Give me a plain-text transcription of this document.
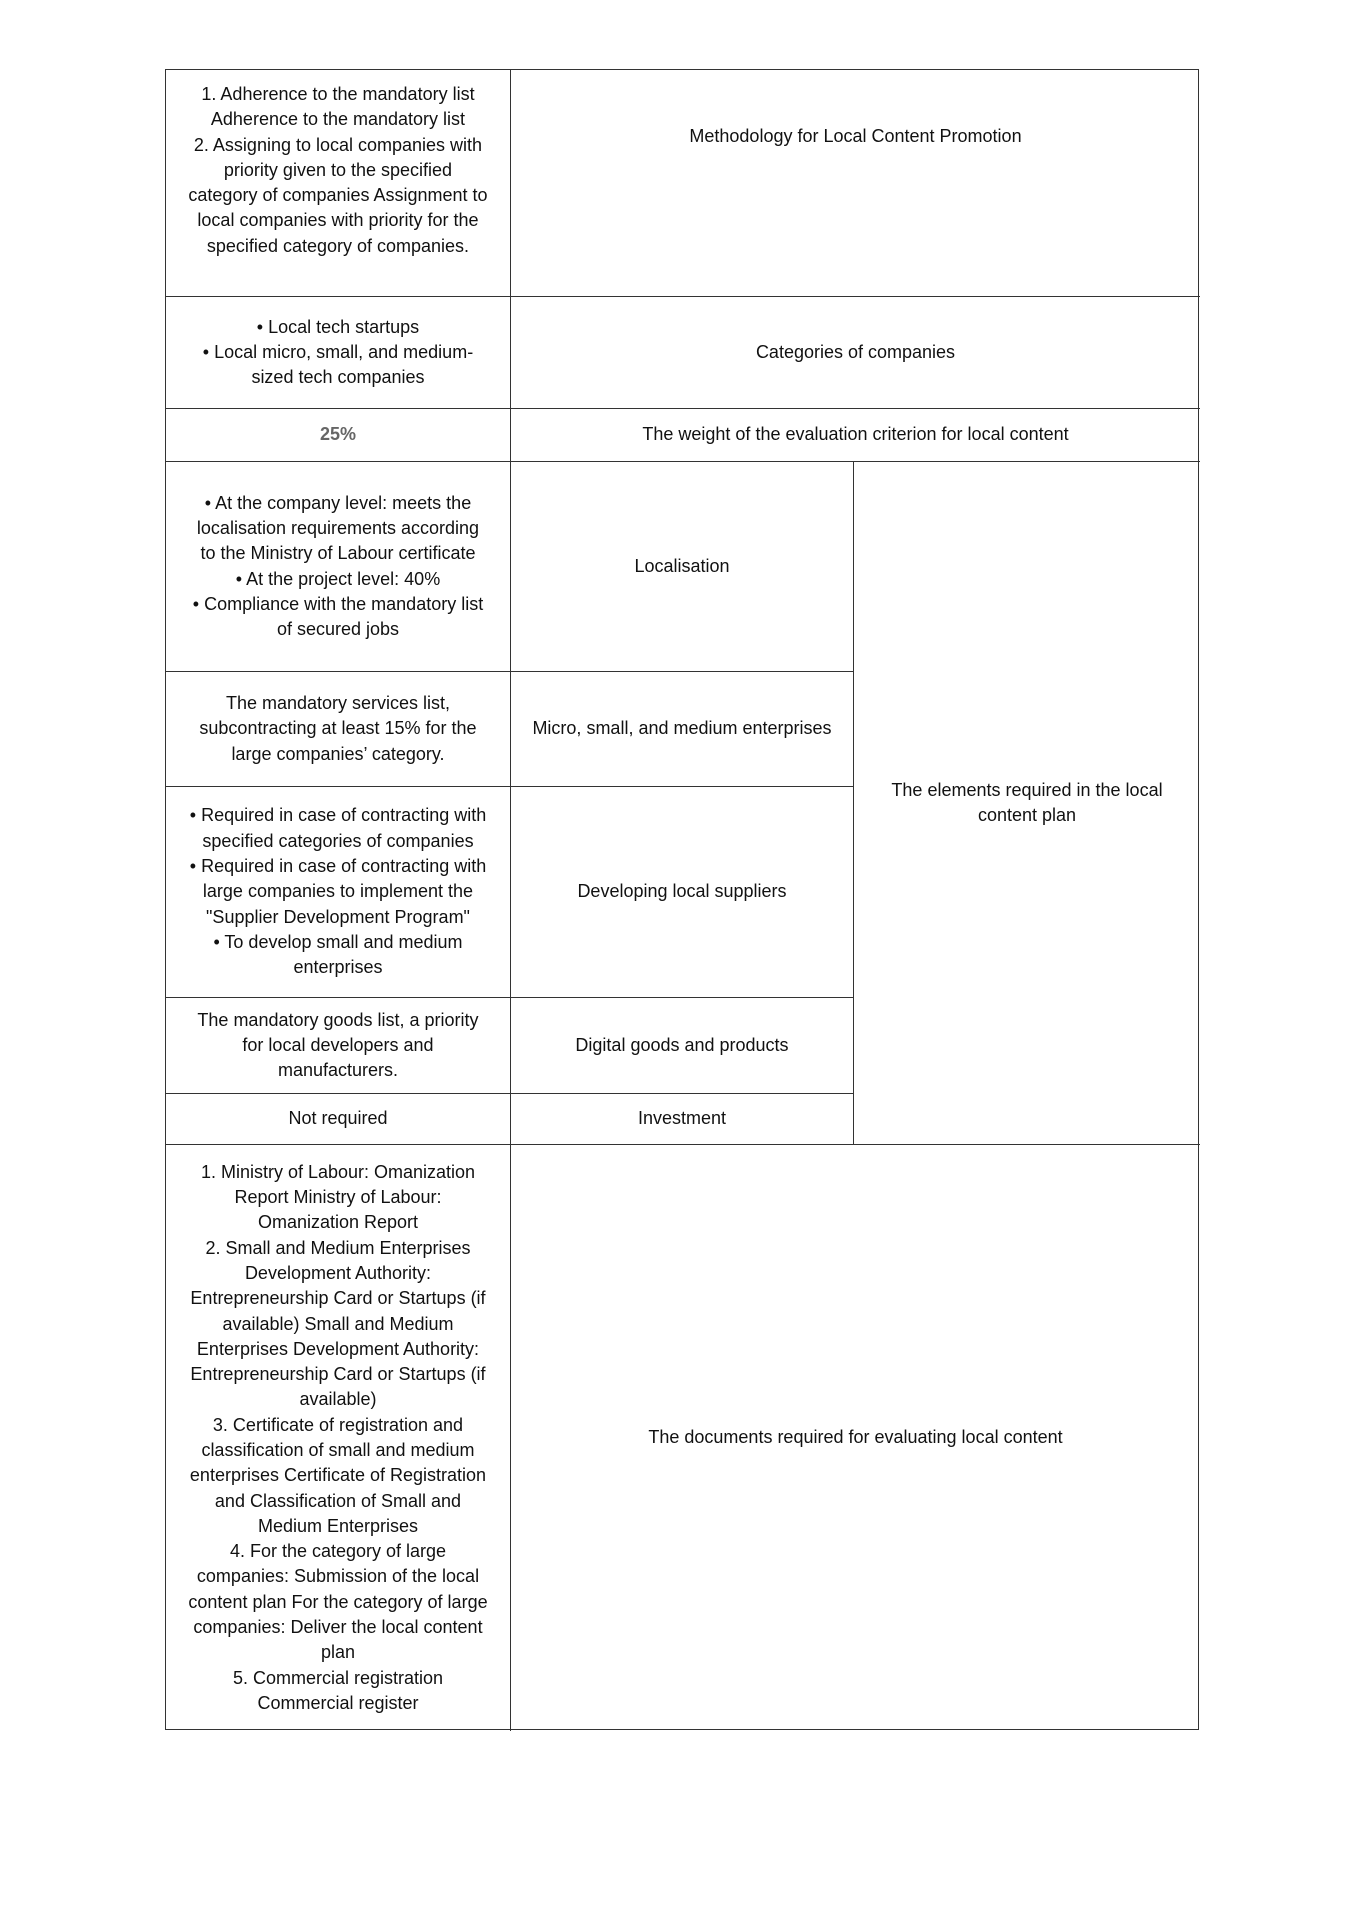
1. Adherence to the mandatory list
Adherence to the mandatory list
2. Assigning to local companies with
priority given to the specified
category of companies Assignment to
local companies with priority for the
specified category of companies.
Methodology for Local Content Promotion
• Local tech startups
• Local micro, small, and medium-
sized tech companies
Categories of companies
25%	The weight of the evaluation criterion for local content
• At the company level: meets the
localisation requirements according
to the Ministry of Labour certificate
• At the project level: 40%
• Compliance with the mandatory list
of secured jobs
Localisation
The mandatory services list,
subcontracting at least 15% for the
large companies’ category.
Micro, small, and medium enterprises
• Required in case of contracting with
specified categories of companies
• Required in case of contracting with
large companies to implement the
"Supplier Development Program"
• To develop small and medium
enterprises
Developing local suppliers
The mandatory goods list, a priority
for local developers and
manufacturers.
Digital goods and products
Not required	Investment
The elements required in the local
content plan
1. Ministry of Labour: Omanization
Report Ministry of Labour:
Omanization Report
2. Small and Medium Enterprises
Development Authority:
Entrepreneurship Card or Startups (if
available) Small and Medium
Enterprises Development Authority:
Entrepreneurship Card or Startups (if
available)
3. Certificate of registration and
classification of small and medium
enterprises Certificate of Registration
and Classification of Small and
Medium Enterprises
4. For the category of large
companies: Submission of the local
content plan For the category of large
companies: Deliver the local content
plan
5. Commercial registration
Commercial register
The documents required for evaluating local content
